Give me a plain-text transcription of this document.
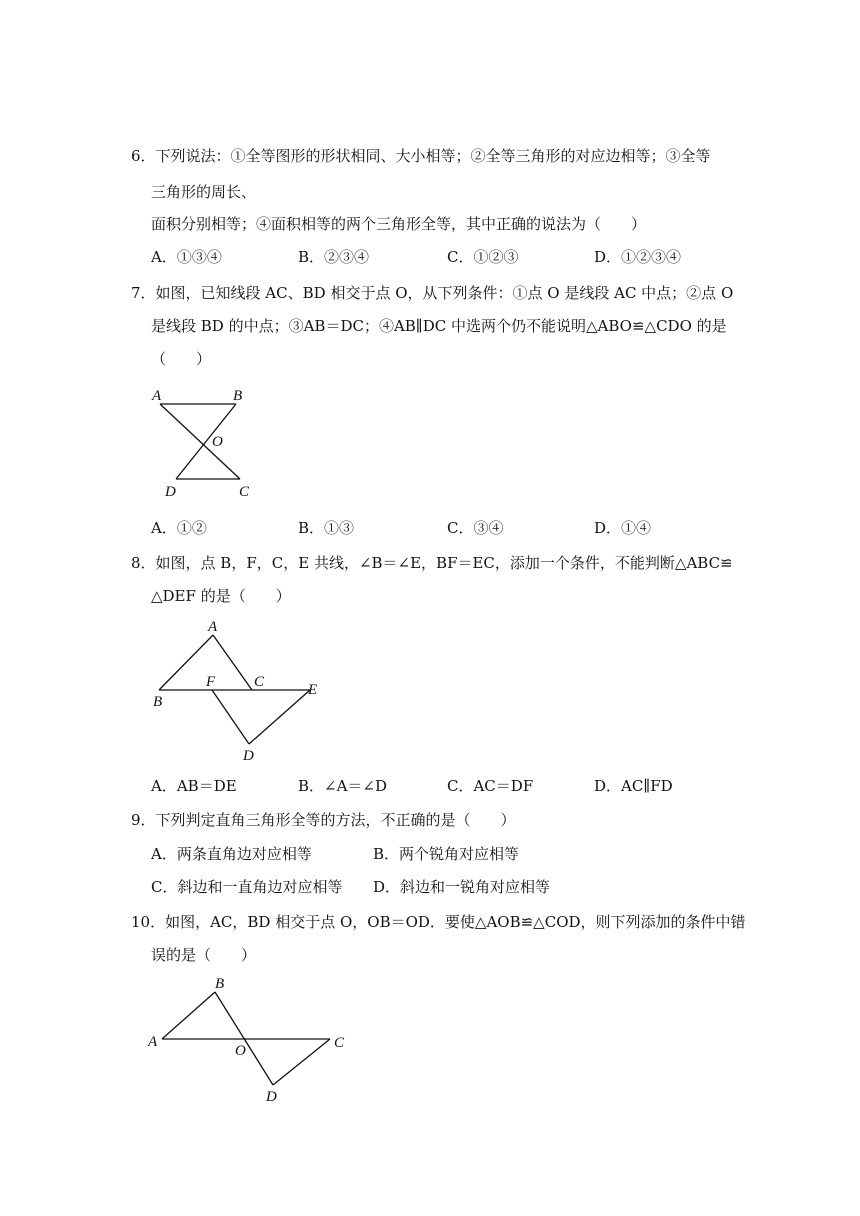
6．下列说法：①全等图形的形状相同、大小相等；②全等三角形的对应边相等；③全等
三角形的周长、
面积分别相等；④面积相等的两个三角形全等，其中正确的说法为（　　）
A．①③④	B．②③④	C．①②③	D．①②③④
7．如图，已知线段 AC、BD 相交于点 O，从下列条件：①点 O 是线段 AC 中点；②点 O
是线段 BD 的中点；③AB＝DC；④AB∥DC 中选两个仍不能说明△ABO≌△CDO 的是
（　　）
A	B
O
D	C
A．①②	B．①③	C．③④	D．①④
8．如图，点 B，F，C，E 共线，∠B＝∠E，BF＝EC，添加一个条件，不能判断△ABC≌
△DEF 的是（　　）
A
B
F	C	E
D
A．AB＝DE	B．∠A＝∠D	C．AC＝DF	D．AC∥FD
9．下列判定直角三角形全等的方法，不正确的是（　　）
A．两条直角边对应相等	B．两个锐角对应相等
C．斜边和一直角边对应相等 D．斜边和一锐角对应相等
10．如图，AC，BD 相交于点 O，OB＝OD．要使△AOB≌△COD，则下列添加的条件中错
误的是（　　）
B
A
O	C
D
